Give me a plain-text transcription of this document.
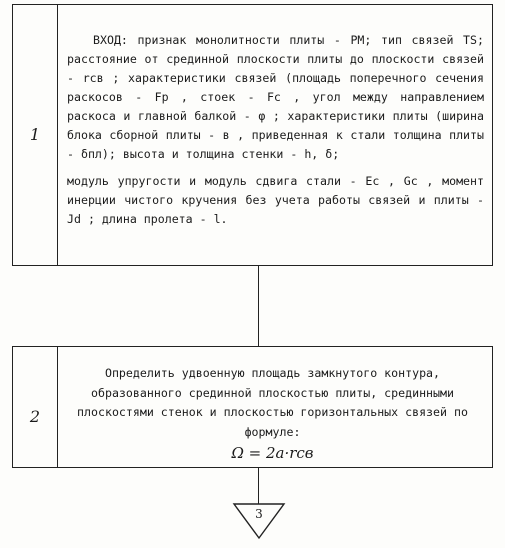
1
ВХОД: признак монолитности плиты - PM; тип связей TS; расстояние от срединной плоскости плиты до плоскости связей - rсв ; характеристики связей (площадь поперечного сечения раскосов - Fp , стоек - Fc , угол между направлением раскоса и главной балкой - φ ; характеристики плиты (ширина блока сборной плиты - в , приведенная к стали толщина плиты - δпл); высота и толщина стенки - h, δ;
модуль упругости и модуль сдвига стали - Ec , Gc , момент инерции чистого кручения без учета работы связей и плиты - Jd ; длина пролета - l.
2
Определить удвоенную площадь замкнутого контура, образованного срединной плоскостью плиты, срединными плоскостями стенок и плоскостью горизонтальных связей по формуле:
Ω = 2a·rсв
3
